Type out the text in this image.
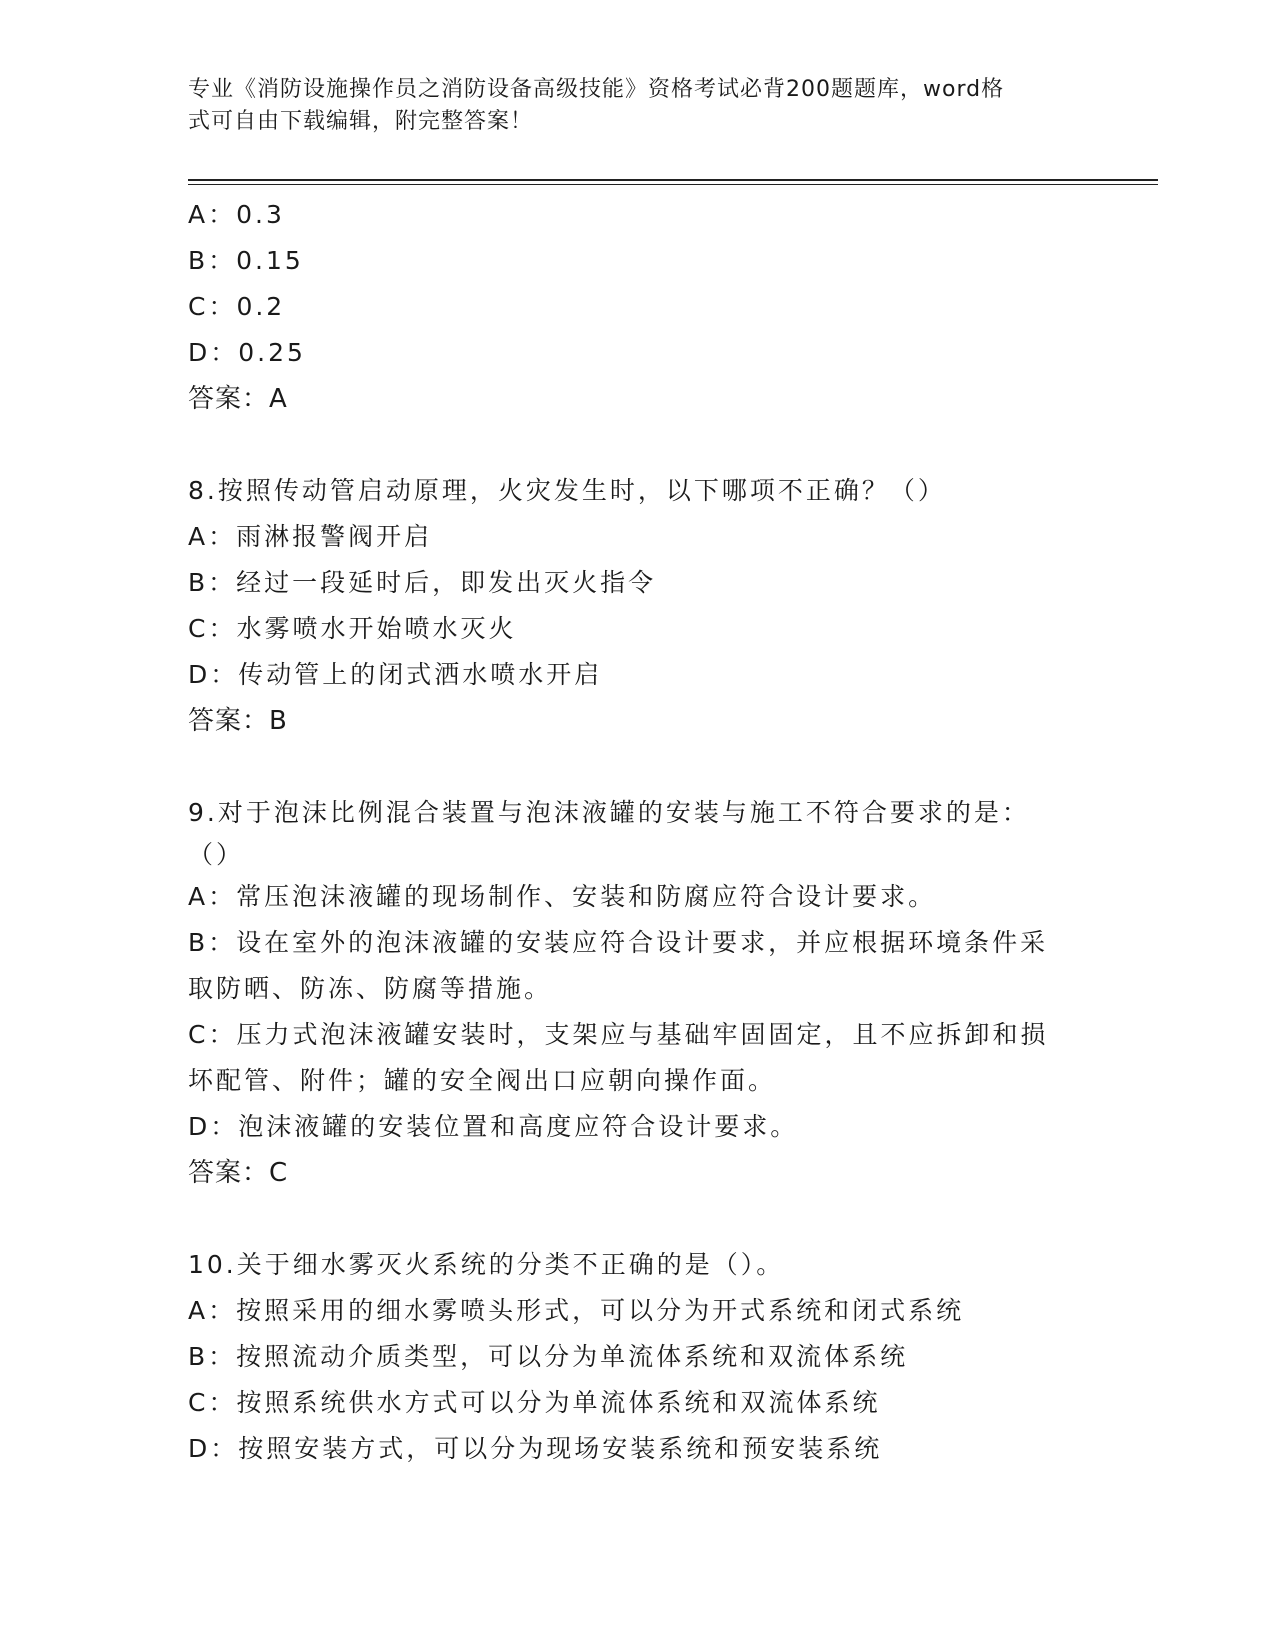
专业《消防设施操作员之消防设备高级技能》资格考试必背200题题库，word格
式可自由下载编辑，附完整答案！
A：0.3
B：0.15
C：0.2
D：0.25
答案：A
8.按照传动管启动原理，火灾发生时，以下哪项不正确？（）
A：雨淋报警阀开启
B：经过一段延时后，即发出灭火指令
C：水雾喷水开始喷水灭火
D：传动管上的闭式洒水喷水开启
答案：B
9.对于泡沫比例混合装置与泡沫液罐的安装与施工不符合要求的是：
（）
A：常压泡沫液罐的现场制作、安装和防腐应符合设计要求。
B：设在室外的泡沫液罐的安装应符合设计要求，并应根据环境条件采
取防晒、防冻、防腐等措施。
C：压力式泡沫液罐安装时，支架应与基础牢固固定，且不应拆卸和损
坏配管、附件；罐的安全阀出口应朝向操作面。
D：泡沫液罐的安装位置和高度应符合设计要求。
答案：C
10.关于细水雾灭火系统的分类不正确的是（）。
A：按照采用的细水雾喷头形式，可以分为开式系统和闭式系统
B：按照流动介质类型，可以分为单流体系统和双流体系统
C：按照系统供水方式可以分为单流体系统和双流体系统
D：按照安装方式，可以分为现场安装系统和预安装系统
